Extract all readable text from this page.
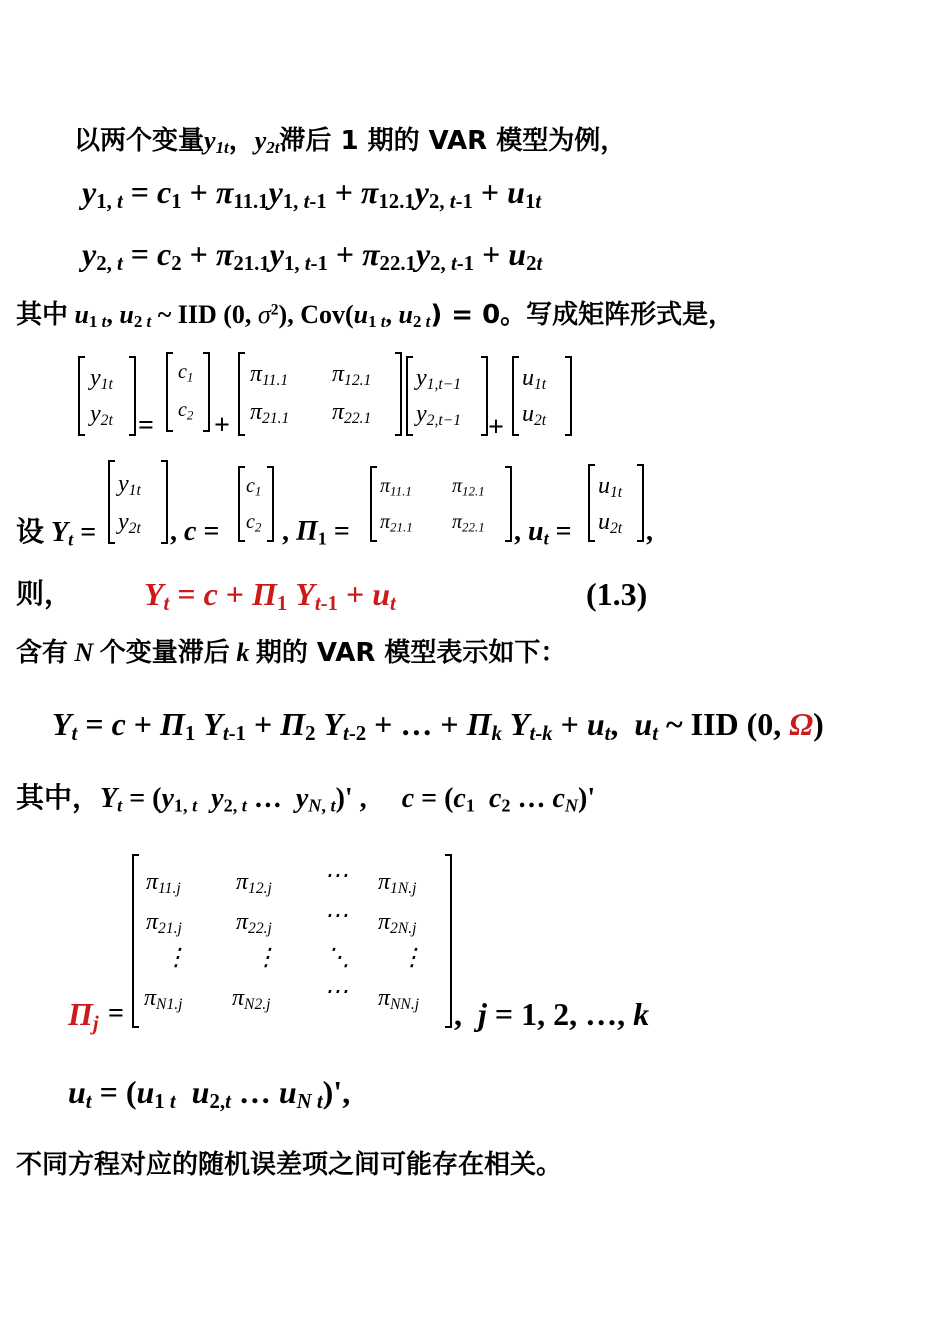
以两个变量$y_{1t}$，$y_{2t}$滞后 1 期的 VAR 模型为例，
$y_{1, t} = c_1 + \pi_{11.1}y_{1, t-1} + \pi_{12.1}y_{2, t-1} + u_{1t}$
$y_{2, t} = c_2 + \pi_{21.1}y_{1, t-1} + \pi_{22.1}y_{2, t-1} + u_{2t}$
其中 $u_{1 t}$, $u_{2 t}$ ~ IID (0, $\sigma^2$), $Cov(u_{1 t}$, $u_{2 t}) = 0$。写成矩阵形式是，
$y_{1t}$
$y_{2t}$ =
$c_1$
$c_2$ +
$\pi_{11.1}$ $\pi_{12.1}$
$\pi_{21.1}$ $\pi_{22.1}$
$y_{1,t-1}$
$y_{2,t-1}$ +
$u_{1t}$
$u_{2t}$
设 $Y_t$ =
$y_{1t}$
$y_{2t}$ , c =
$c_1$
$c_2$ , $\Pi_1$ =
$\pi_{11.1}$ $\pi_{12.1}$
$\pi_{21.1}$ $\pi_{22.1}$ , $u_t$ =
$u_{1t}$
$u_{2t}$ ,
则， $Y_t = c + \Pi_1$ $Y_{t-1} + u_t$	(1.3)
含有 N 个变量滞后 k 期的 VAR 模型表示如下：
$Y_t = c + \Pi_1$ $Y_{t-1} + \Pi_2$ $Y_{t-2}$ + … + $\Pi_k$ $Y_{t-k} + u_t$,  $u_t$ ~ IID (0, Ω)
其中，$Y_t = (y_{1, t}$ $y_{2, t}$ …  $y_{N, t})'$ ,     $c = (c_1$ $c_2$ … $c_N)'$
$\Pi_j$ =
$\pi_{11.j}$ $\pi_{12.j}$ ⋯ $\pi_{1N.j}$
$\pi_{21.j}$ $\pi_{22.j}$ ⋯ $\pi_{2N.j}$
⋮	⋮ ⋱ ⋮
$\pi_{N1.j}$ $\pi_{N2.j}$ ⋯ $\pi_{NN.j}$ ,  j = 1, 2, …, k
$u_t = (u_{1 t}$ $u_{2,t}$ … $u_{N t})'$,
不同方程对应的随机误差项之间可能存在相关。
